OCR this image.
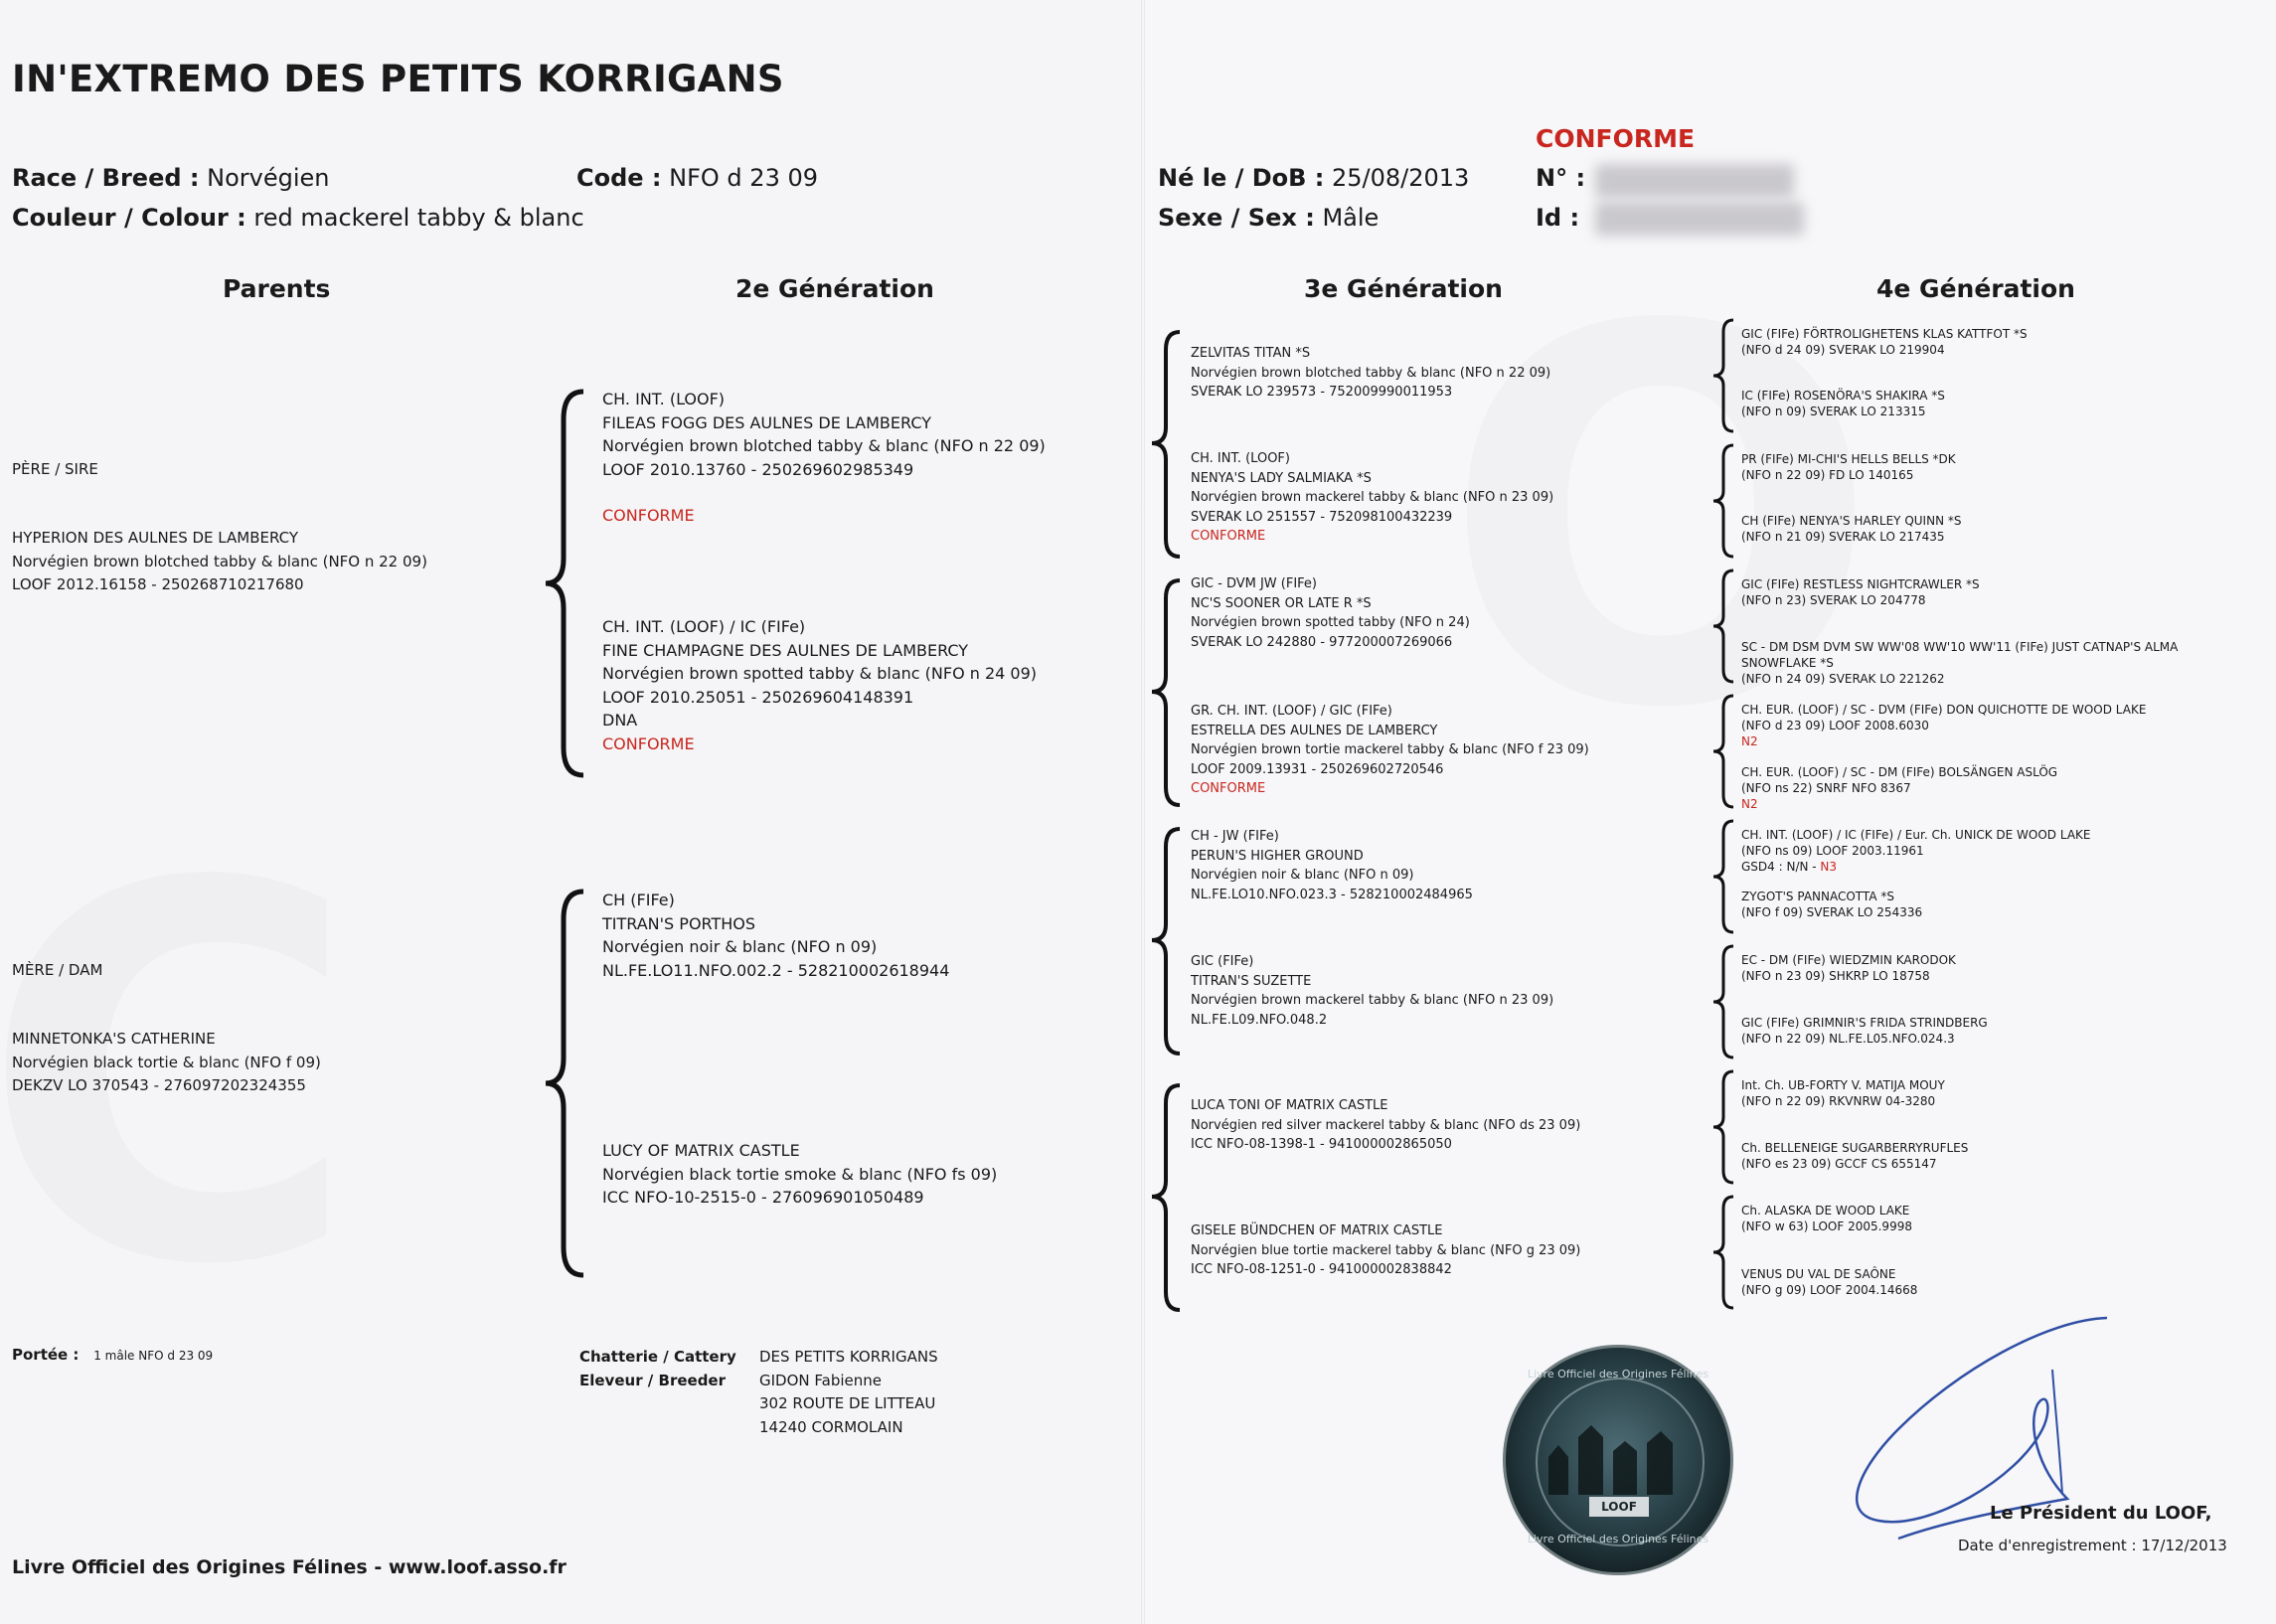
IN'EXTREMO DES PETITS KORRIGANS
Race / Breed : Norvégien
Couleur / Colour : red mackerel tabby & blanc
Code : NFO d 23 09	Né le / DoB : 25/08/2013
Sexe / Sex : Mâle
CONFORME
N° :
Id :
Parents	2e Génération	3e Génération	4e Génération
PÈRE / SIRE
HYPERION DES AULNES DE LAMBERCY
Norvégien brown blotched tabby & blanc (NFO n 22 09)
LOOF 2012.16158 - 250268710217680
MÈRE / DAM
MINNETONKA'S CATHERINE
Norvégien black tortie & blanc (NFO f 09)
DEKZV LO 370543 - 276097202324355
CH. INT. (LOOF)
FILEAS FOGG DES AULNES DE LAMBERCY
Norvégien brown blotched tabby & blanc (NFO n 22 09)
LOOF 2010.13760 - 250269602985349
CONFORME
CH. INT. (LOOF) / IC (FIFe)
FINE CHAMPAGNE DES AULNES DE LAMBERCY
Norvégien brown spotted tabby & blanc (NFO n 24 09)
LOOF 2010.25051 - 250269604148391
DNA
CONFORME
CH (FIFe)
TITRAN'S PORTHOS
Norvégien noir & blanc (NFO n 09)
NL.FE.LO11.NFO.002.2 - 528210002618944
LUCY OF MATRIX CASTLE
Norvégien black tortie smoke & blanc (NFO fs 09)
ICC NFO-10-2515-0 - 276096901050489
ZELVITAS TITAN *S
Norvégien brown blotched tabby & blanc (NFO n 22 09)
SVERAK LO 239573 - 752009990011953
CH. INT. (LOOF)
NENYA'S LADY SALMIAKA *S
Norvégien brown mackerel tabby & blanc (NFO n 23 09)
SVERAK LO 251557 - 752098100432239
CONFORME
GIC - DVM JW (FIFe)
NC'S SOONER OR LATE R *S
Norvégien brown spotted tabby (NFO n 24)
SVERAK LO 242880 - 977200007269066
GR. CH. INT. (LOOF) / GIC (FIFe)
ESTRELLA DES AULNES DE LAMBERCY
Norvégien brown tortie mackerel tabby & blanc (NFO f 23 09)
LOOF 2009.13931 - 250269602720546
CONFORME
CH - JW (FIFe)
PERUN'S HIGHER GROUND
Norvégien noir & blanc (NFO n 09)
NL.FE.LO10.NFO.023.3 - 528210002484965
GIC (FIFe)
TITRAN'S SUZETTE
Norvégien brown mackerel tabby & blanc (NFO n 23 09)
NL.FE.L09.NFO.048.2
LUCA TONI OF MATRIX CASTLE
Norvégien red silver mackerel tabby & blanc (NFO ds 23 09)
ICC NFO-08-1398-1 - 941000002865050
GISELE BÜNDCHEN OF MATRIX CASTLE
Norvégien blue tortie mackerel tabby & blanc (NFO g 23 09)
ICC NFO-08-1251-0 - 941000002838842
GIC (FIFe) FÖRTROLIGHETENS KLAS KATTFOT *S
(NFO d 24 09) SVERAK LO 219904
IC (FIFe) ROSENÖRA'S SHAKIRA *S
(NFO n 09) SVERAK LO 213315
PR (FIFe) MI-CHI'S HELLS BELLS *DK
(NFO n 22 09) FD LO 140165
CH (FIFe) NENYA'S HARLEY QUINN *S
(NFO n 21 09) SVERAK LO 217435
GIC (FIFe) RESTLESS NIGHTCRAWLER *S
(NFO n 23) SVERAK LO 204778
SC - DM DSM DVM SW WW'08 WW'10 WW'11 (FIFe) JUST CATNAP'S ALMA
SNOWFLAKE *S
(NFO n 24 09) SVERAK LO 221262
CH. EUR. (LOOF) / SC - DVM (FIFe) DON QUICHOTTE DE WOOD LAKE
(NFO d 23 09) LOOF 2008.6030
N2
CH. EUR. (LOOF) / SC - DM (FIFe) BOLSÄNGEN ASLÖG
(NFO ns 22) SNRF NFO 8367
N2
CH. INT. (LOOF) / IC (FIFe) / Eur. Ch. UNICK DE WOOD LAKE
(NFO ns 09) LOOF 2003.11961
GSD4 : N/N - N3
ZYGOT'S PANNACOTTA *S
(NFO f 09) SVERAK LO 254336
EC - DM (FIFe) WIEDZMIN KARODOK
(NFO n 23 09) SHKRP LO 18758
GIC (FIFe) GRIMNIR'S FRIDA STRINDBERG
(NFO n 22 09) NL.FE.L05.NFO.024.3
Int. Ch. UB-FORTY V. MATIJA MOUY
(NFO n 22 09) RKVNRW 04-3280
Ch. BELLENEIGE SUGARBERRYRUFLES
(NFO es 23 09) GCCF CS 655147
Ch. ALASKA DE WOOD LAKE
(NFO w 63) LOOF 2005.9998
VENUS DU VAL DE SAÔNE
(NFO g 09) LOOF 2004.14668
Portée : 1 mâle NFO d 23 09	Chatterie / Cattery
Eleveur / Breeder
DES PETITS KORRIGANS
GIDON Fabienne
302 ROUTE DE LITTEAU
14240 CORMOLAIN
Livre Officiel des Origines Félines
Livre Officiel des Origines Félines
LOOF
Livre Officiel des Origines Félines - www.loof.asso.fr
Le Président du LOOF,
Date d'enregistrement : 17/12/2013
